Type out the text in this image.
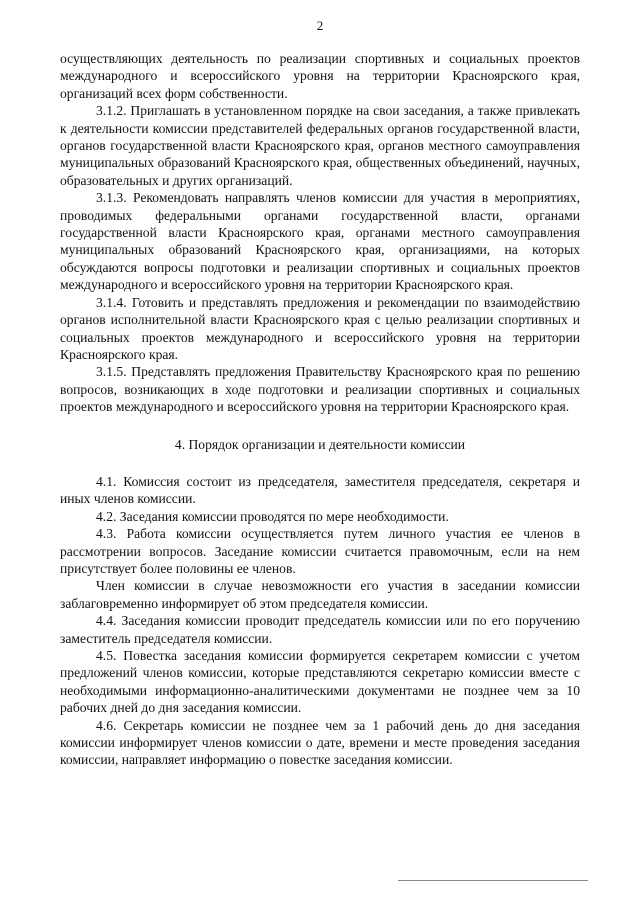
2

осуществляющих деятельность по реализации спортивных и социальных проектов международного и всероссийского уровня на территории Красноярского края, организаций всех форм собственности.

3.1.2. Приглашать в установленном порядке на свои заседания, а также привлекать к деятельности комиссии представителей федеральных органов государственной власти, органов государственной власти Красноярского края, органов местного самоуправления муниципальных образований Красноярского края, общественных объединений, научных, образовательных и других организаций.

3.1.3. Рекомендовать направлять членов комиссии для участия в мероприятиях, проводимых федеральными органами государственной власти, органами государственной власти Красноярского края, органами местного самоуправления муниципальных образований Красноярского края, организациями, на которых обсуждаются вопросы подготовки и реализации спортивных и социальных проектов международного и всероссийского уровня на территории Красноярского края.

3.1.4. Готовить и представлять предложения и рекомендации по взаимодействию органов исполнительной власти Красноярского края с целью реализации спортивных и социальных проектов международного и всероссийского уровня на территории Красноярского края.

3.1.5. Представлять предложения Правительству Красноярского края по решению вопросов, возникающих в ходе подготовки и реализации спортивных и социальных проектов международного и всероссийского уровня на территории Красноярского края.

4. Порядок организации и деятельности комиссии

4.1. Комиссия состоит из председателя, заместителя председателя, секретаря и иных членов комиссии.

4.2. Заседания комиссии проводятся по мере необходимости.

4.3. Работа комиссии осуществляется путем личного участия ее членов в рассмотрении вопросов. Заседание комиссии считается правомочным, если на нем присутствует более половины ее членов.

Член комиссии в случае невозможности его участия в заседании комиссии заблаговременно информирует об этом председателя комиссии.

4.4. Заседания комиссии проводит председатель комиссии или по его поручению заместитель председателя комиссии.

4.5. Повестка заседания комиссии формируется секретарем комиссии с учетом предложений членов комиссии, которые представляются секретарю комиссии вместе с необходимыми информационно-аналитическими документами не позднее чем за 10 рабочих дней до дня заседания комиссии.

4.6. Секретарь комиссии не позднее чем за 1 рабочий день до дня заседания комиссии информирует членов комиссии о дате, времени и месте проведения заседания комиссии, направляет информацию о повестке заседания комиссии.
